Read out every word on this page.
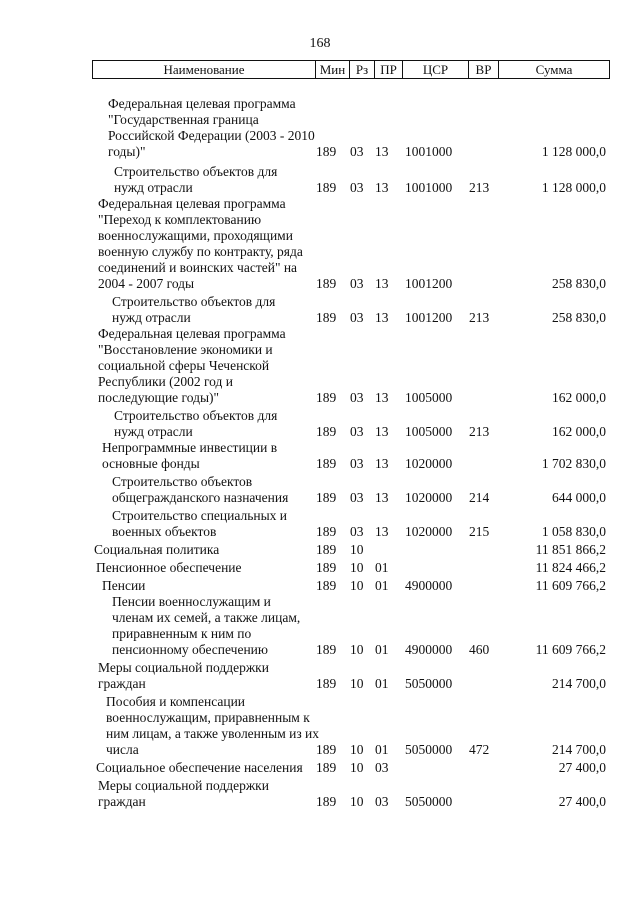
168
Наименование	Мин Рз ПР	ЦСР	ВР	Сумма
Федеральная целевая программа
"Государственная граница
Российской Федерации (2003 - 2010
годы)"	189 03 13 1001000	1 128 000,0
Строительство объектов для
нужд отрасли	189 03 13 1001000 213	1 128 000,0
Федеральная целевая программа
"Переход к комплектованию
военнослужащими, проходящими
военную службу по контракту, ряда
соединений и воинских частей" на
2004 - 2007 годы	189 03 13 1001200	258 830,0
Строительство объектов для
нужд отрасли	189 03 13 1001200 213	258 830,0
Федеральная целевая программа
"Восстановление экономики и
социальной сферы Чеченской
Республики (2002 год и
последующие годы)"	189 03 13 1005000	162 000,0
Строительство объектов для
нужд отрасли	189 03 13 1005000 213	162 000,0
Непрограммные инвестиции в
основные фонды	189 03 13 1020000	1 702 830,0
Строительство объектов
общегражданского назначения	189 03 13 1020000 214	644 000,0
Строительство специальных и
военных объектов	189 03 13 1020000 215	1 058 830,0
Социальная политика	189 10	11 851 866,2
Пенсионное обеспечение	189 10 01	11 824 466,2
Пенсии	189 10 01 4900000	11 609 766,2
Пенсии военнослужащим и
членам их семей, а также лицам,
приравненным к ним по
пенсионному обеспечению	189 10 01 4900000 460	11 609 766,2
Меры социальной поддержки
граждан	189 10 01 5050000	214 700,0
Пособия и компенсации
военнослужащим, приравненным к
ним лицам, а также уволенным из их
числа	189 10 01 5050000 472	214 700,0
Социальное обеспечение населения 189 10 03	27 400,0
Меры социальной поддержки
граждан	189 10 03 5050000	27 400,0
